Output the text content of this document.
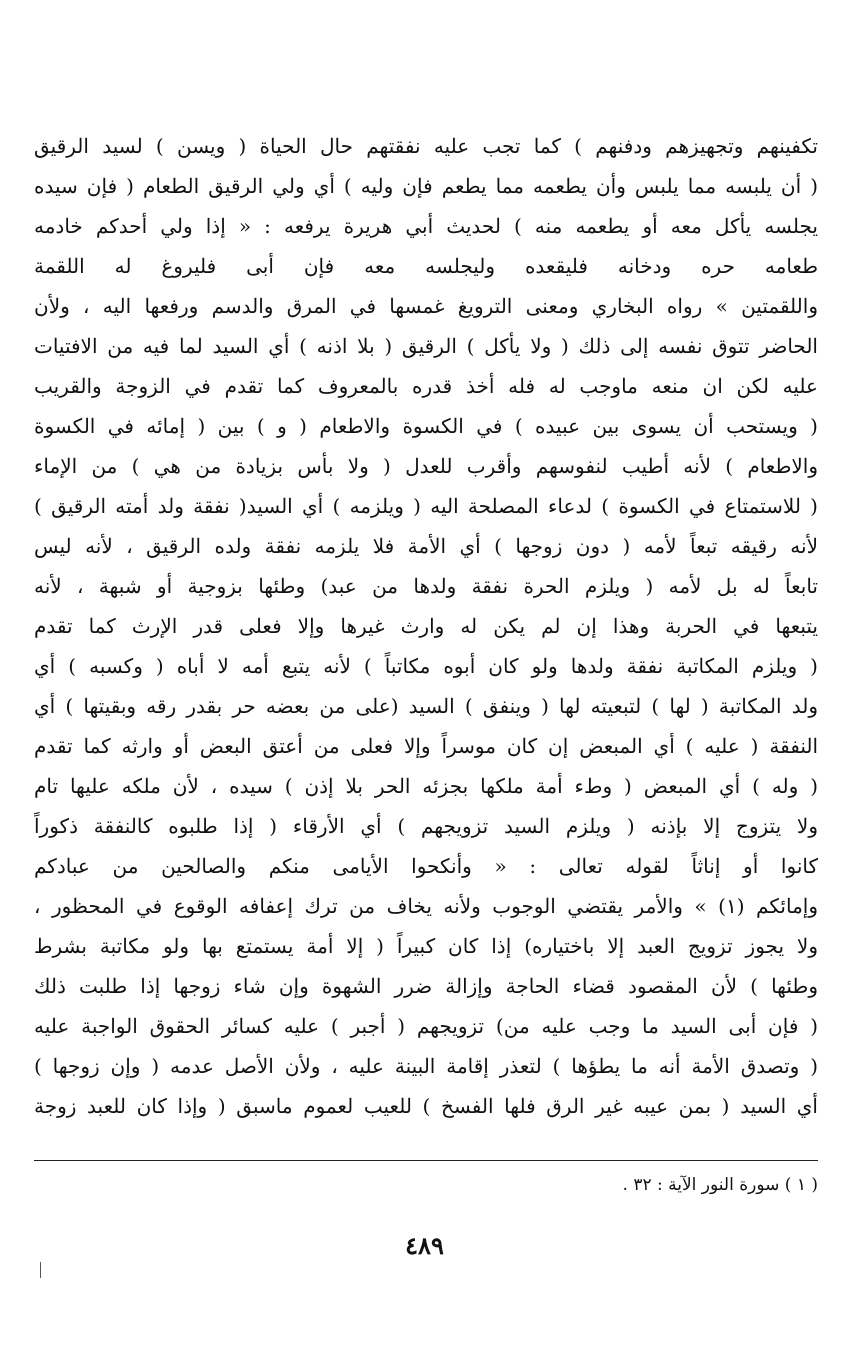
تكفينهم وتجهيزهم ودفنهم ) كما تجب عليه نفقتهم حال الحياة ( ويسن ) لسيد الرقيق
( أن يلبسه مما يلبس وأن يطعمه مما يطعم فإن وليه ) أي ولي الرقيق الطعام ( فإن سيده
يجلسه يأكل معه أو يطعمه منه ) لحديث أبي هريرة يرفعه : « إذا ولي أحدكم خادمه
طعامه حره ودخانه فليقعده وليجلسه معه فإن أبى فليروغ له اللقمة
واللقمتين » رواه البخاري ومعنى الترويغ غمسها في المرق والدسم ورفعها اليه ، ولأن
الحاضر تتوق نفسه إلى ذلك ( ولا يأكل ) الرقيق ( بلا اذنه ) أي السيد لما فيه من الافتيات
عليه لكن ان منعه ماوجب له فله أخذ قدره بالمعروف كما تقدم في الزوجة والقريب
( ويستحب أن يسوى بين عبيده ) في الكسوة والاطعام ( و ) بين ( إمائه في الكسوة
والاطعام ) لأنه أطيب لنفوسهم وأقرب للعدل ( ولا بأس بزيادة من هي ) من الإماء
( للاستمتاع في الكسوة ) لدعاء المصلحة اليه ( ويلزمه ) أي السيد( نفقة ولد أمته الرقيق )
لأنه رقيقه تبعاً لأمه ( دون زوجها ) أي الأمة فلا يلزمه نفقة ولده الرقيق ، لأنه ليس
تابعاً له بل لأمه ( ويلزم الحرة نفقة ولدها من عبد) وطئها بزوجية أو شبهة ، لأنه
يتبعها في الحربة وهذا إن لم يكن له وارث غيرها وإلا فعلى قدر الإرث كما تقدم
( ويلزم المكاتبة نفقة ولدها ولو كان أبوه مكاتباً ) لأنه يتبع أمه لا أباه ( وكسبه ) أي
ولد المكاتبة ( لها ) لتبعيته لها ( وينفق ) السيد (على من بعضه حر بقدر رقه وبقيتها ) أي
النفقة ( عليه ) أي المبعض إن كان موسراً وإلا فعلى من أعتق البعض أو وارثه كما تقدم
( وله ) أي المبعض ( وطء أمة ملكها بجزئه الحر بلا إذن ) سيده ، لأن ملكه عليها تام
ولا يتزوج إلا بإذنه ( ويلزم السيد تزويجهم ) أي الأرقاء ( إذا طلبوه كالنفقة ذكوراً
كانوا أو إناثاً لقوله تعالى : « وأنكحوا الأيامى منكم والصالحين من عبادكم
وإمائكم (١) » والأمر يقتضي الوجوب ولأنه يخاف من ترك إعفافه الوقوع في المحظور ،
ولا يجوز تزويج العبد إلا باختياره) إذا كان كبيراً ( إلا أمة يستمتع بها ولو مكاتبة بشرط
وطئها ) لأن المقصود قضاء الحاجة وإزالة ضرر الشهوة وإن شاء زوجها إذا طلبت ذلك
( فإن أبى السيد ما وجب عليه من) تزويجهم ( أجبر ) عليه كسائر الحقوق الواجبة عليه
( وتصدق الأمة أنه ما يطؤها ) لتعذر إقامة البينة عليه ، ولأن الأصل عدمه ( وإن زوجها )
أي السيد ( بمن عيبه غير الرق فلها الفسخ ) للعيب لعموم ماسبق ( وإذا كان للعبد زوجة
( ١ ) سورة النور الآية : ٣٢ .
٤٨٩
